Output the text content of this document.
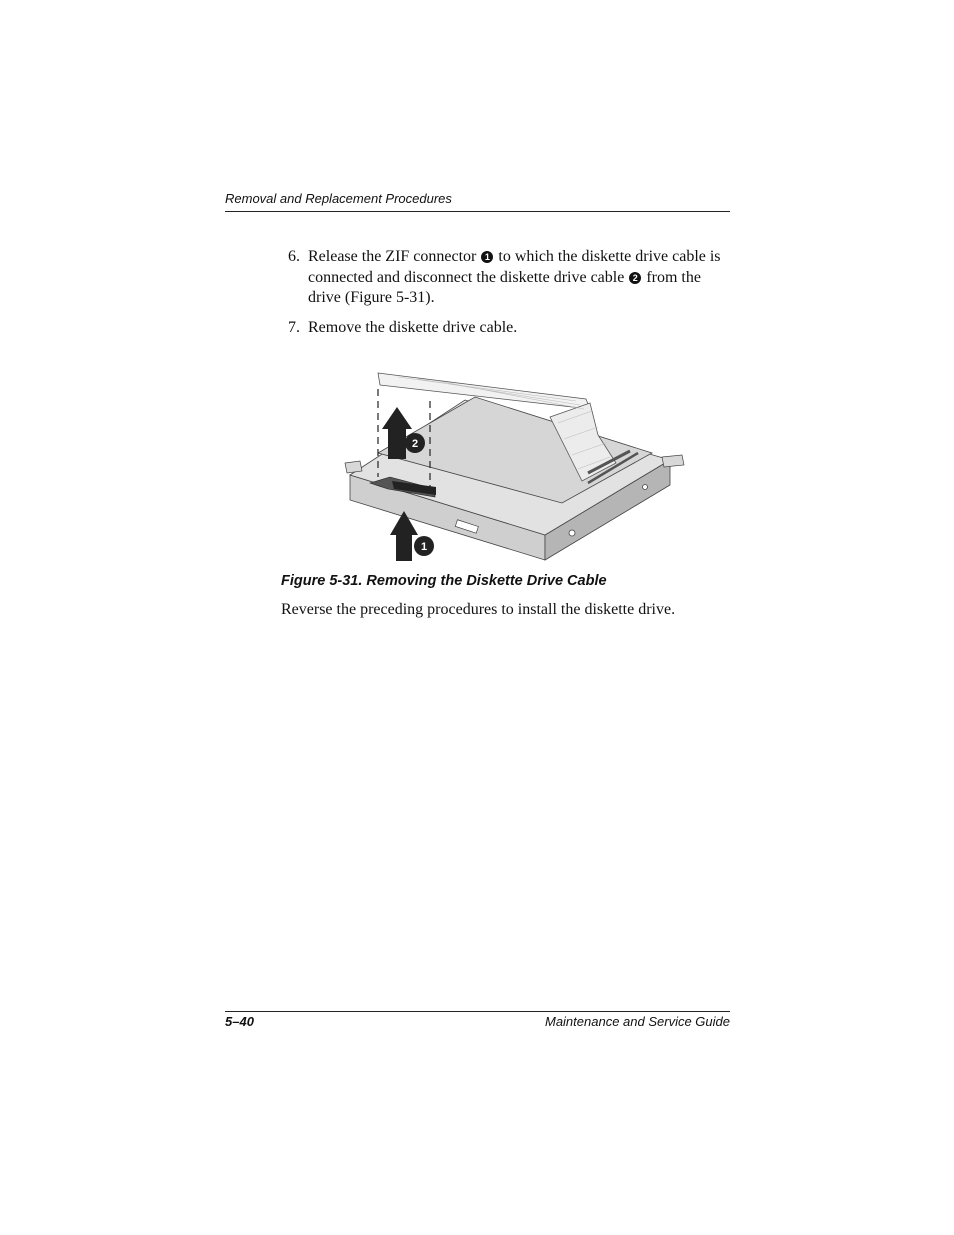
Removal and Replacement Procedures
6. Release the ZIF connector 1 to which the diskette drive cable is connected and disconnect the diskette drive cable 2 from the drive (Figure 5-31).
7. Remove the diskette drive cable.
2
1
Figure 5-31. Removing the Diskette Drive Cable
Reverse the preceding procedures to install the diskette drive.
5–40	Maintenance and Service Guide
